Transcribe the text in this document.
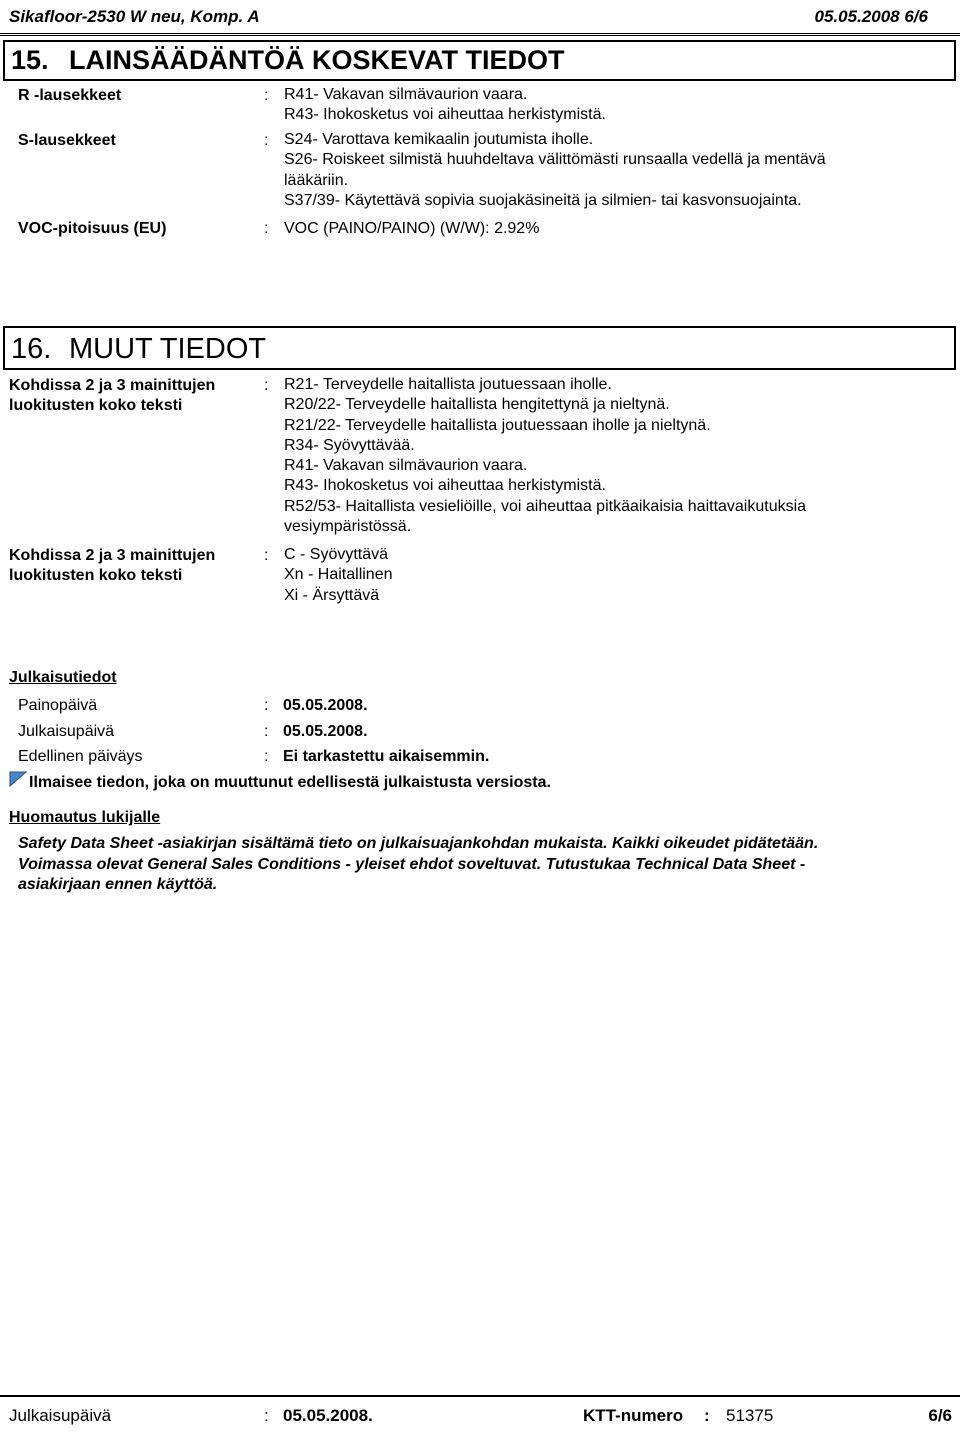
Sikafloor-2530 W neu, Komp. A	05.05.2008 6/6
15. LAINSÄÄDÄNTÖÄ KOSKEVAT TIEDOT
R -lausekkeet	: R41- Vakavan silmävaurion vaara.
R43- Ihokosketus voi aiheuttaa herkistymistä.
S-lausekkeet	: S24- Varottava kemikaalin joutumista iholle.
S26- Roiskeet silmistä huuhdeltava välittömästi runsaalla vedellä ja mentävä
lääkäriin.
S37/39- Käytettävä sopivia suojakäsineitä ja silmien- tai kasvonsuojainta.
VOC-pitoisuus (EU)	: VOC (PAINO/PAINO) (W/W): 2.92%
16. MUUT TIEDOT
Kohdissa 2 ja 3 mainittujen
luokitusten koko teksti
: R21- Terveydelle haitallista joutuessaan iholle.
R20/22- Terveydelle haitallista hengitettynä ja nieltynä.
R21/22- Terveydelle haitallista joutuessaan iholle ja nieltynä.
R34- Syövyttävää.
R41- Vakavan silmävaurion vaara.
R43- Ihokosketus voi aiheuttaa herkistymistä.
R52/53- Haitallista vesieliöille, voi aiheuttaa pitkäaikaisia haittavaikutuksia
vesiympäristössä.
Kohdissa 2 ja 3 mainittujen
luokitusten koko teksti
: C - Syövyttävä
Xn - Haitallinen
Xi - Ärsyttävä
Julkaisutiedot
Painopäivä	: 05.05.2008.
Julkaisupäivä	: 05.05.2008.
Edellinen päiväys	: Ei tarkastettu aikaisemmin.
Ilmaisee tiedon, joka on muuttunut edellisestä julkaistusta versiosta.
Huomautus lukijalle
Safety Data Sheet -asiakirjan sisältämä tieto on julkaisuajankohdan mukaista. Kaikki oikeudet pidätetään.
Voimassa olevat General Sales Conditions - yleiset ehdot soveltuvat. Tutustukaa Technical Data Sheet -
asiakirjaan ennen käyttöä.
Julkaisupäivä	: 05.05.2008.	KTT-numero : 51375	6/6
